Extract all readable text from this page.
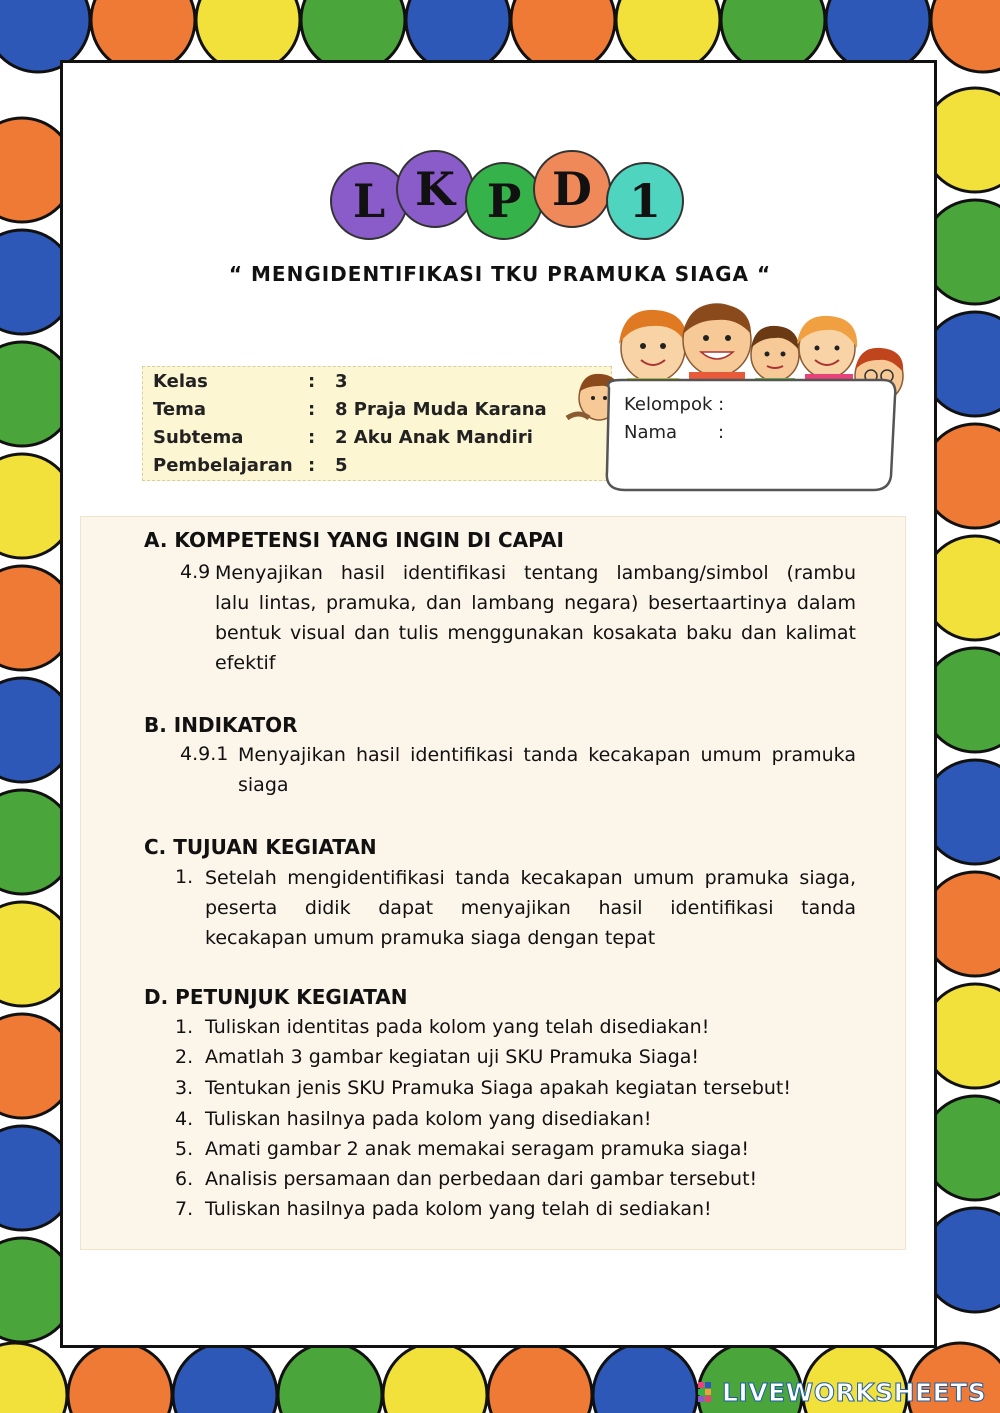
L K P D 1
“ MENGIDENTIFIKASI TKU PRAMUKA SIAGA “
Kelas	: 3
Tema	: 8 Praja Muda Karana
Subtema	: 2 Aku Anak Mandiri
Pembelajaran : 5
Kelompok :
Nama :
A. KOMPETENSI YANG INGIN DI CAPAI
4.9 Menyajikan hasil identifikasi tentang lambang/simbol (rambu
lalu lintas, pramuka, dan lambang negara) besertaartinya dalam
bentuk visual dan tulis menggunakan kosakata baku dan kalimat
efektif
B. INDIKATOR
4.9.1 Menyajikan hasil identifikasi tanda kecakapan umum pramuka
siaga
C. TUJUAN KEGIATAN
1. Setelah mengidentifikasi tanda kecakapan umum pramuka siaga,
peserta didik dapat menyajikan hasil identifikasi tanda
kecakapan umum pramuka siaga dengan tepat
D. PETUNJUK KEGIATAN
1. Tuliskan identitas pada kolom yang telah disediakan!
2. Amatlah 3 gambar kegiatan uji SKU Pramuka Siaga!
3. Tentukan jenis SKU Pramuka Siaga apakah kegiatan tersebut!
4. Tuliskan hasilnya pada kolom yang disediakan!
5. Amati gambar 2 anak memakai seragam pramuka siaga!
6. Analisis persamaan dan perbedaan dari gambar tersebut!
7. Tuliskan hasilnya pada kolom yang telah di sediakan!
LIVEWORKSHEETS
